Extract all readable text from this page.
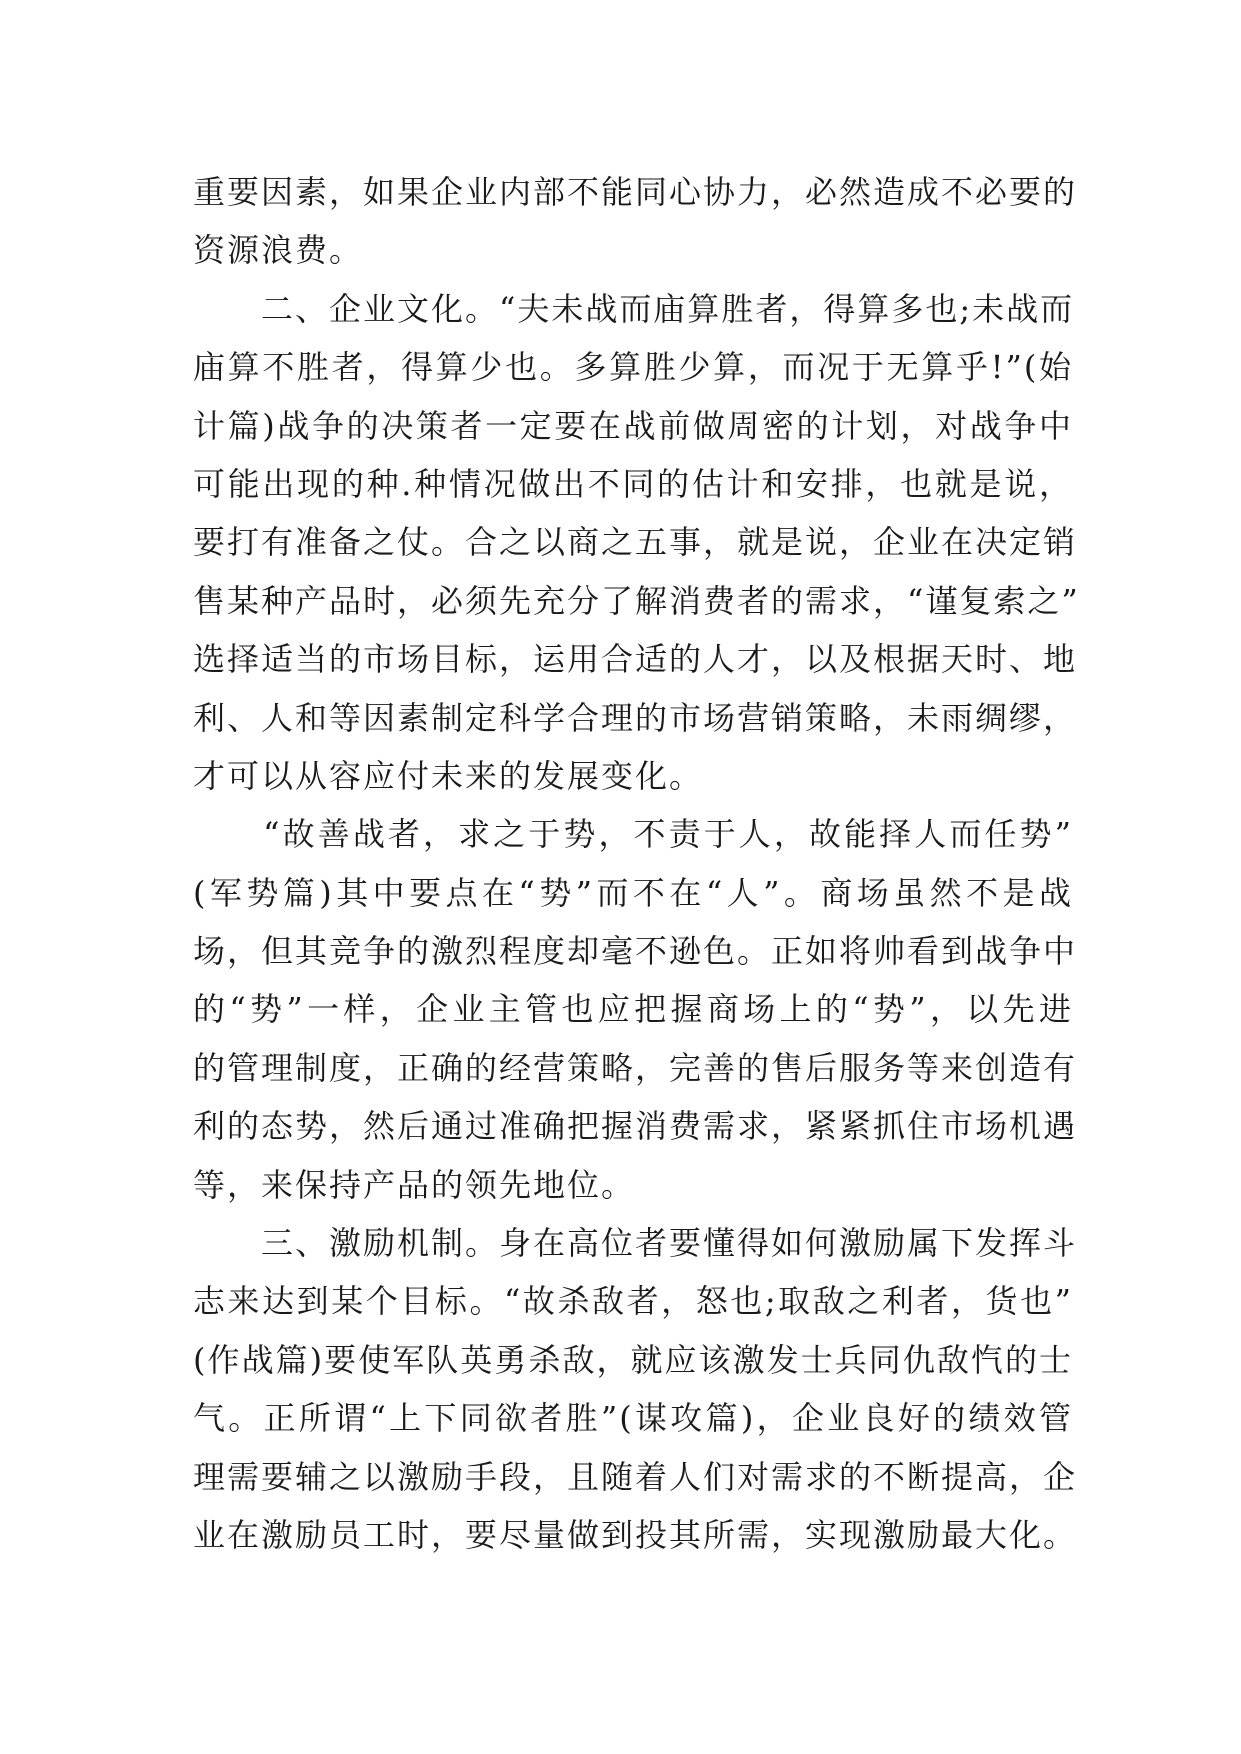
重要因素，如果企业内部不能同心协力，必然造成不必要的
资源浪费。
　　二、企业文化。“夫未战而庙算胜者，得算多也;未战而
庙算不胜者，得算少也。多算胜少算，而况于无算乎!”(始
计篇)战争的决策者一定要在战前做周密的计划，对战争中
可能出现的种.种情况做出不同的估计和安排，也就是说，
要打有准备之仗。合之以商之五事，就是说，企业在决定销
售某种产品时，必须先充分了解消费者的需求，“谨复索之”
选择适当的市场目标，运用合适的人才，以及根据天时、地
利、人和等因素制定科学合理的市场营销策略，未雨绸缪，
才可以从容应付未来的发展变化。
　　“故善战者，求之于势，不责于人，故能择人而任势”
(军势篇)其中要点在“势”而不在“人”。商场虽然不是战
场，但其竞争的激烈程度却毫不逊色。正如将帅看到战争中
的“势”一样，企业主管也应把握商场上的“势”，以先进
的管理制度，正确的经营策略，完善的售后服务等来创造有
利的态势，然后通过准确把握消费需求，紧紧抓住市场机遇
等，来保持产品的领先地位。
　　三、激励机制。身在高位者要懂得如何激励属下发挥斗
志来达到某个目标。“故杀敌者，怒也;取敌之利者，货也”
(作战篇)要使军队英勇杀敌，就应该激发士兵同仇敌忾的士
气。正所谓“上下同欲者胜”(谋攻篇)，企业良好的绩效管
理需要辅之以激励手段，且随着人们对需求的不断提高，企
业在激励员工时，要尽量做到投其所需，实现激励最大化。
